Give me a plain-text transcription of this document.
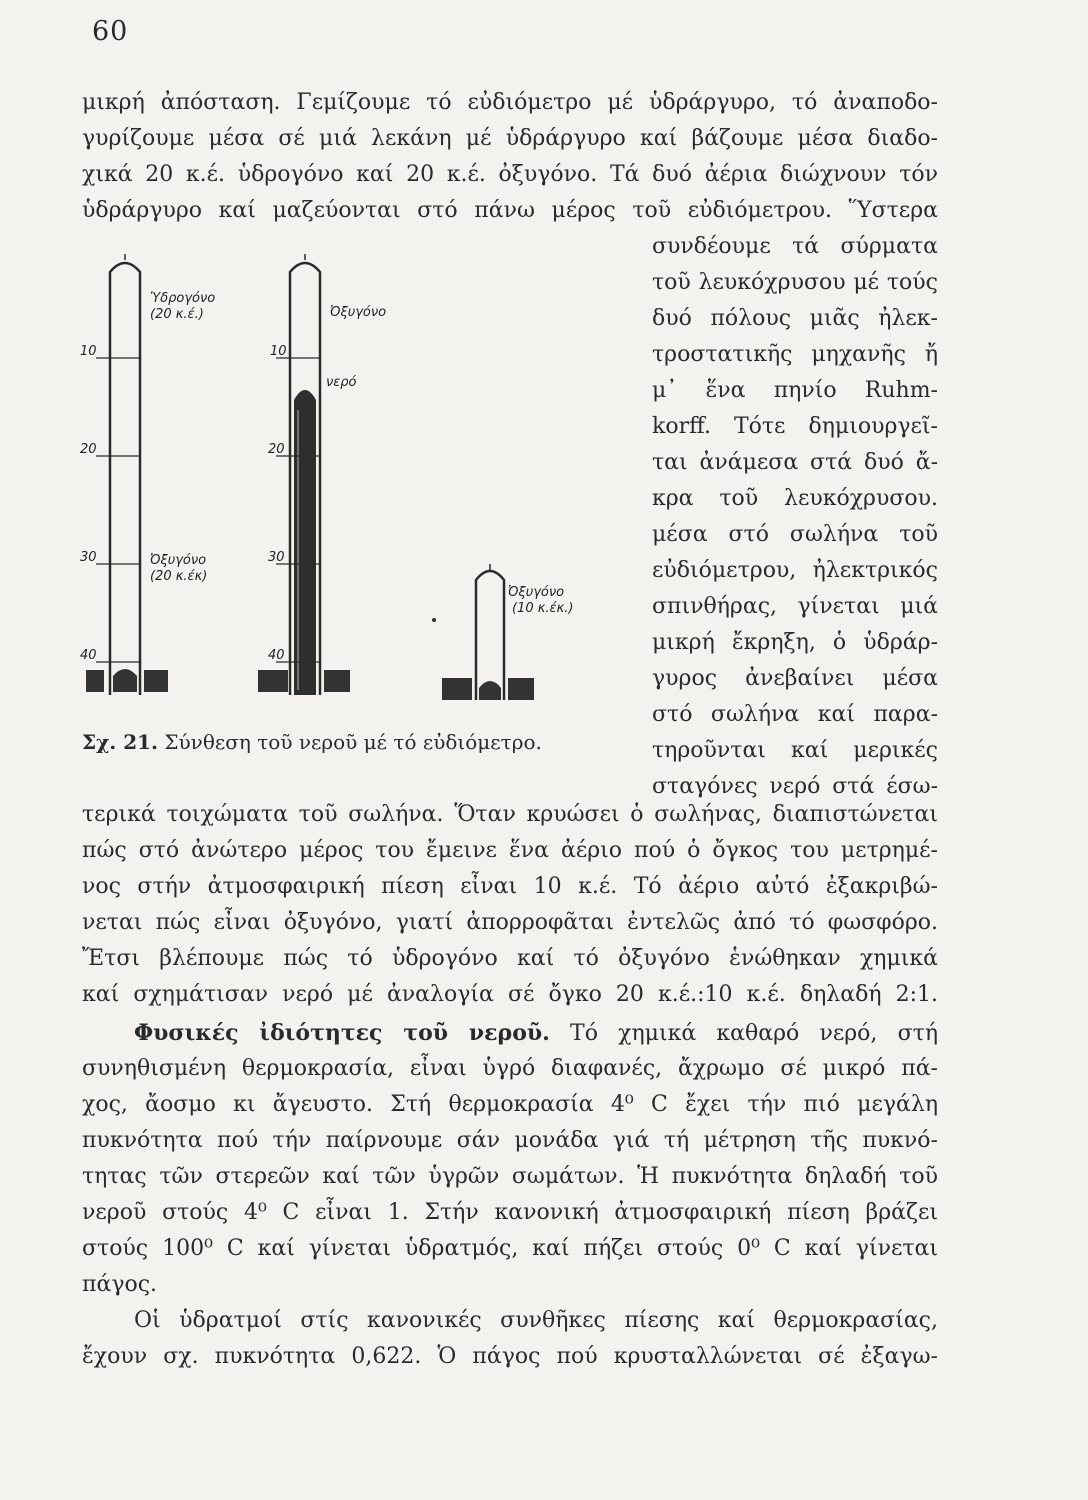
60
μικρή ἀπόσταση. Γεμίζουμε τό εὐδιόμετρο μέ ὑδράργυρο, τό ἀναποδο-
γυρίζουμε μέσα σέ μιά λεκάνη μέ ὑδράργυρο καί βάζουμε μέσα διαδο-
χικά 20 κ.έ. ὑδρογόνο καί 20 κ.έ. ὀξυγόνο. Τά δυό ἀέρια διώχνουν τόν
ὑδράργυρο καί μαζεύονται στό πάνω μέρος τοῦ εὐδιόμετρου. Ὕστερα
συνδέουμε τά σύρματα
τοῦ λευκόχρυσου μέ τούς
δυό πόλους μιᾶς ἠλεκ-
τροστατικῆς μηχανῆς ἤ
μ᾽ ἕνα πηνίο Ruhm-
korff. Τότε δημιουργεῖ-
ται ἀνάμεσα στά δυό ἄ-
κρα τοῦ λευκόχρυσου.
μέσα στό σωλήνα τοῦ
εὐδιόμετρου, ἠλεκτρικός
σπινθήρας, γίνεται μιά
μικρή ἔκρηξη, ὁ ὑδράρ-
γυρος ἀνεβαίνει μέσα
στό σωλήνα καί παρα-
τηροῦνται καί μερικές
σταγόνες νερό στά έσω-
Ὑδρογόνο
(20 κ.έ.)
Ὀξυγόνο
(20 κ.έκ)
10
20
30
40
Ὀξυγόνο
νερό
10
20
30
40
Ὀξυγόνο
(10 κ.έκ.)
Σχ. 21. Σύνθεση τοῦ νεροῦ μέ τό εὐδιόμετρο.
τερικά τοιχώματα τοῦ σωλήνα. Ὅταν κρυώσει ὁ σωλήνας, διαπιστώνεται
πώς στό ἀνώτερο μέρος του ἔμεινε ἕνα ἀέριο πού ὁ ὄγκος του μετρημέ-
νος στήν ἀτμοσφαιρική πίεση εἶναι 10 κ.έ. Τό ἀέριο αὐτό ἐξακριβώ-
νεται πώς εἶναι ὀξυγόνο, γιατί ἀπορροφᾶται ἐντελῶς ἀπό τό φωσφόρο.
Ἔτσι βλέπουμε πώς τό ὑδρογόνο καί τό ὀξυγόνο ἑνώθηκαν χημικά
καί σχημάτισαν νερό μέ ἀναλογία σέ ὄγκο 20 κ.έ.:10 κ.έ. δηλαδή 2:1.
Φυσικές ἰδιότητες τοῦ νεροῦ. Τό χημικά καθαρό νερό, στή
συνηθισμένη θερμοκρασία, εἶναι ὑγρό διαφανές, ἄχρωμο σέ μικρό πά-
χος, ἄοσμο κι ἄγευστο. Στή θερμοκρασία 4⁰ C ἔχει τήν πιό μεγάλη
πυκνότητα πού τήν παίρνουμε σάν μονάδα γιά τή μέτρηση τῆς πυκνό-
τητας τῶν στερεῶν καί τῶν ὑγρῶν σωμάτων. Ἡ πυκνότητα δηλαδή τοῦ
νεροῦ στούς 4⁰ C εἶναι 1. Στήν κανονική ἀτμοσφαιρική πίεση βράζει
στούς 100⁰ C καί γίνεται ὑδρατμός, καί πήζει στούς 0⁰ C καί γίνεται
πάγος.
Οἱ ὑδρατμοί στίς κανονικές συνθῆκες πίεσης καί θερμοκρασίας,
ἔχουν σχ. πυκνότητα 0,622. Ὁ πάγος πού κρυσταλλώνεται σέ ἐξαγω-
